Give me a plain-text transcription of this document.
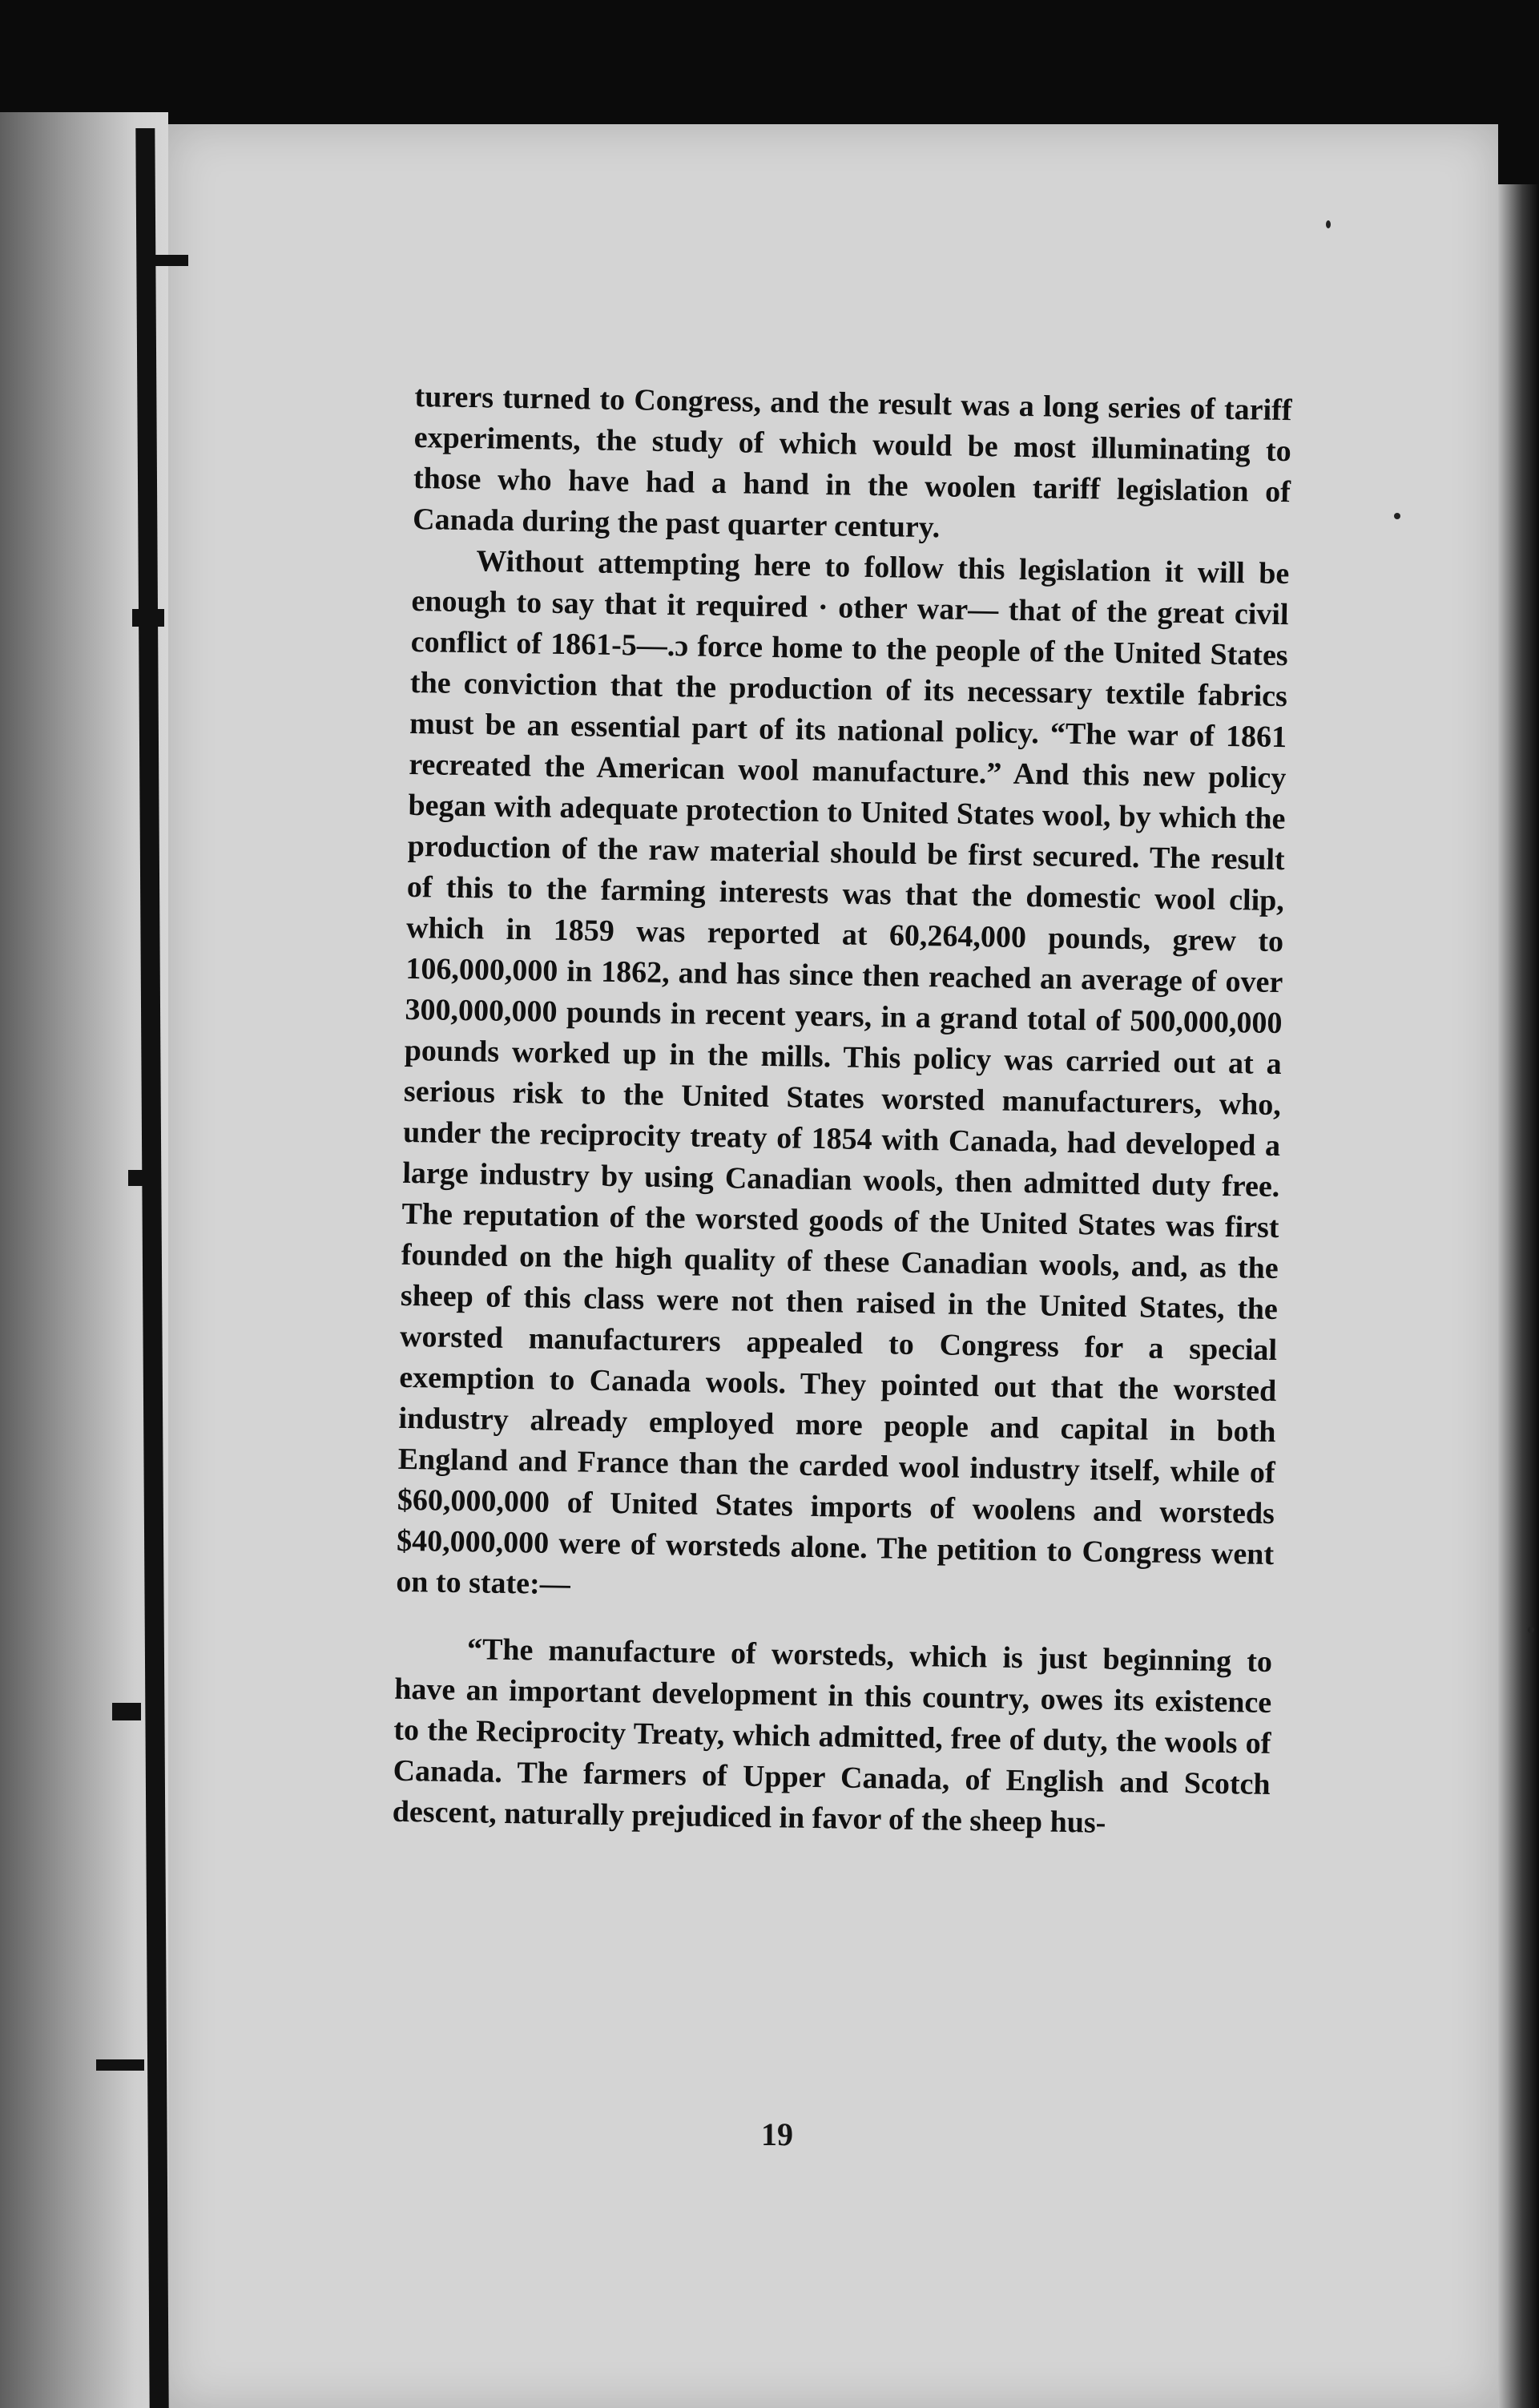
turers turned to Congress, and the result was a long series of tariff experiments, the study of which would be most illuminating to those who have had a hand in the woolen tariff legislation of Canada during the past quarter century.

Without attempting here to follow this legislation it will be enough to say that it required · other war— that of the great civil conflict of 1861-5—.ɔ force home to the people of the United States the conviction that the production of its necessary textile fabrics must be an essential part of its national policy. “The war of 1861 recreated the American wool manufacture.” And this new policy began with adequate protection to United States wool, by which the production of the raw material should be first secured. The result of this to the farming interests was that the domestic wool clip, which in 1859 was reported at 60,264,000 pounds, grew to 106,000,000 in 1862, and has since then reached an average of over 300,000,000 pounds in recent years, in a grand total of 500,000,000 pounds worked up in the mills. This policy was carried out at a serious risk to the United States worsted manufacturers, who, under the reciprocity treaty of 1854 with Canada, had developed a large industry by using Canadian wools, then admitted duty free. The reputation of the worsted goods of the United States was first founded on the high quality of these Canadian wools, and, as the sheep of this class were not then raised in the United States, the worsted manufacturers appealed to Congress for a special exemption to Canada wools. They pointed out that the worsted industry already employed more people and capital in both England and France than the carded wool industry itself, while of $60,000,000 of United States imports of woolens and worsteds $40,000,000 were of worsteds alone. The petition to Congress went on to state:—

“The manufacture of worsteds, which is just beginning to have an important development in this country, owes its existence to the Reciprocity Treaty, which admitted, free of duty, the wools of Canada. The farmers of Upper Canada, of English and Scotch descent, naturally prejudiced in favor of the sheep hus-

19
